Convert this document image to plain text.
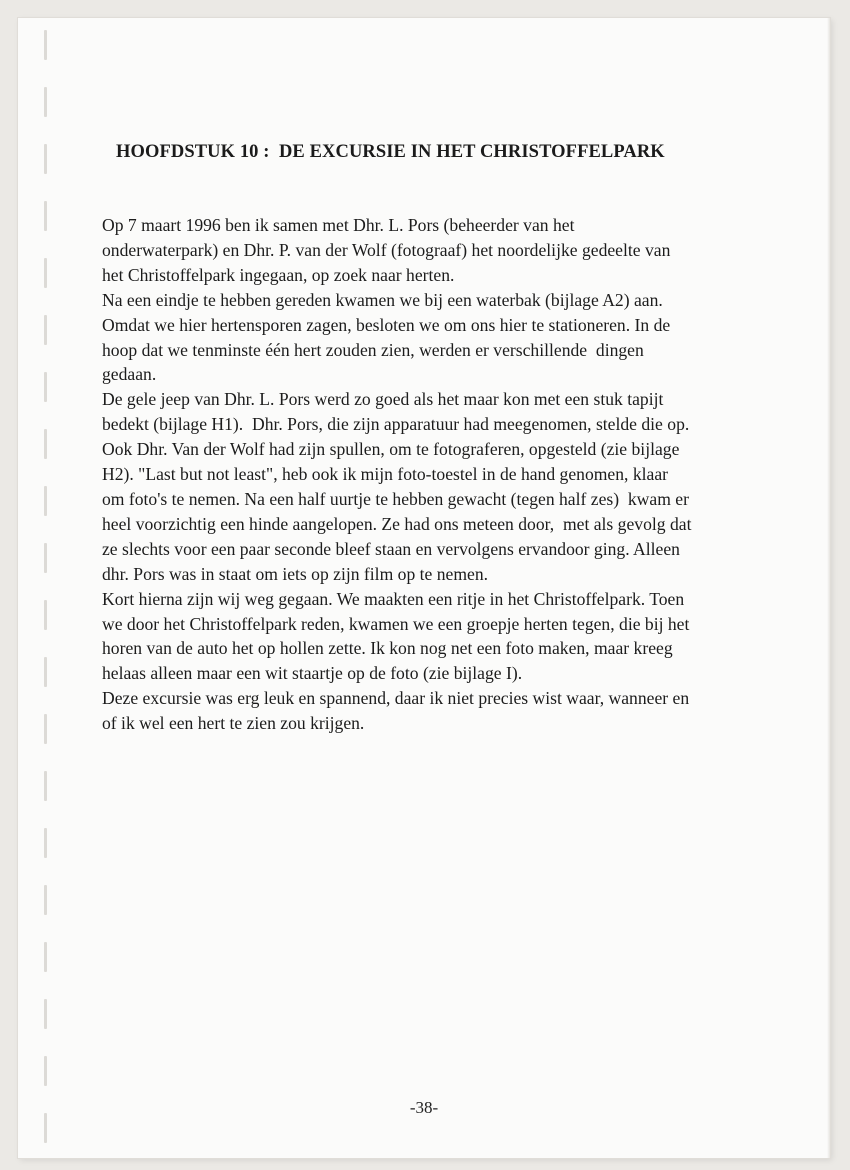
HOOFDSTUK 10 :  DE EXCURSIE IN HET CHRISTOFFELPARK
Op 7 maart 1996 ben ik samen met Dhr. L. Pors (beheerder van het
onderwaterpark) en Dhr. P. van der Wolf (fotograaf) het noordelijke gedeelte van
het Christoffelpark ingegaan, op zoek naar herten.
Na een eindje te hebben gereden kwamen we bij een waterbak (bijlage A2) aan.
Omdat we hier hertensporen zagen, besloten we om ons hier te stationeren. In de
hoop dat we tenminste één hert zouden zien, werden er verschillende  dingen
gedaan.
De gele jeep van Dhr. L. Pors werd zo goed als het maar kon met een stuk tapijt
bedekt (bijlage H1).  Dhr. Pors, die zijn apparatuur had meegenomen, stelde die op.
Ook Dhr. Van der Wolf had zijn spullen, om te fotograferen, opgesteld (zie bijlage
H2). "Last but not least", heb ook ik mijn foto-toestel in de hand genomen, klaar
om foto's te nemen. Na een half uurtje te hebben gewacht (tegen half zes)  kwam er
heel voorzichtig een hinde aangelopen. Ze had ons meteen door,  met als gevolg dat
ze slechts voor een paar seconde bleef staan en vervolgens ervandoor ging. Alleen
dhr. Pors was in staat om iets op zijn film op te nemen.
Kort hierna zijn wij weg gegaan. We maakten een ritje in het Christoffelpark. Toen
we door het Christoffelpark reden, kwamen we een groepje herten tegen, die bij het
horen van de auto het op hollen zette. Ik kon nog net een foto maken, maar kreeg
helaas alleen maar een wit staartje op de foto (zie bijlage I).
Deze excursie was erg leuk en spannend, daar ik niet precies wist waar, wanneer en
of ik wel een hert te zien zou krijgen.

-38-
